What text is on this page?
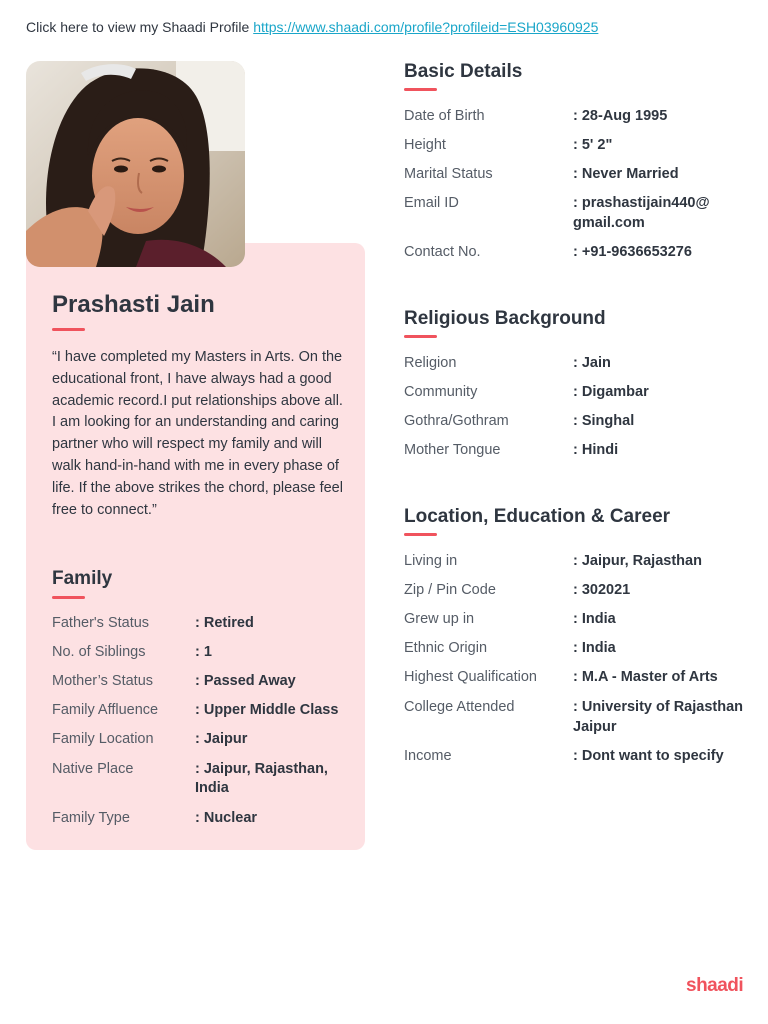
Click here to view my Shaadi Profile https://www.shaadi.com/profile?profileid=ESH03960925
Prashasti Jain
“I have completed my Masters in Arts. On the educational front, I have always had a good academic record.I put relationships above all. I am looking for an understanding and caring partner who will respect my family and will walk hand-in-hand with me in every phase of life. If the above strikes the chord, please feel free to connect.”
Family
Father's Status	: Retired
No. of Siblings	: 1
Mother’s Status	: Passed Away
Family Affluence	: Upper Middle Class
Family Location	: Jaipur
Native Place	: Jaipur, Rajasthan,
India
Family Type	: Nuclear
Basic Details
Date of Birth	: 28-Aug 1995
Height	: 5' 2"
Marital Status	: Never Married
Email ID	: prashastijain440@
gmail.com
Contact No.	: +91-9636653276
Religious Background
Religion	: Jain
Community	: Digambar
Gothra/Gothram	: Singhal
Mother Tongue	: Hindi
Location, Education & Career
Living in	: Jaipur, Rajasthan
Zip / Pin Code	: 302021
Grew up in	: India
Ethnic Origin	: India
Highest Qualification : M.A - Master of Arts
College Attended	: University of Rajasthan
Jaipur
Income	: Dont want to specify
shaadi
